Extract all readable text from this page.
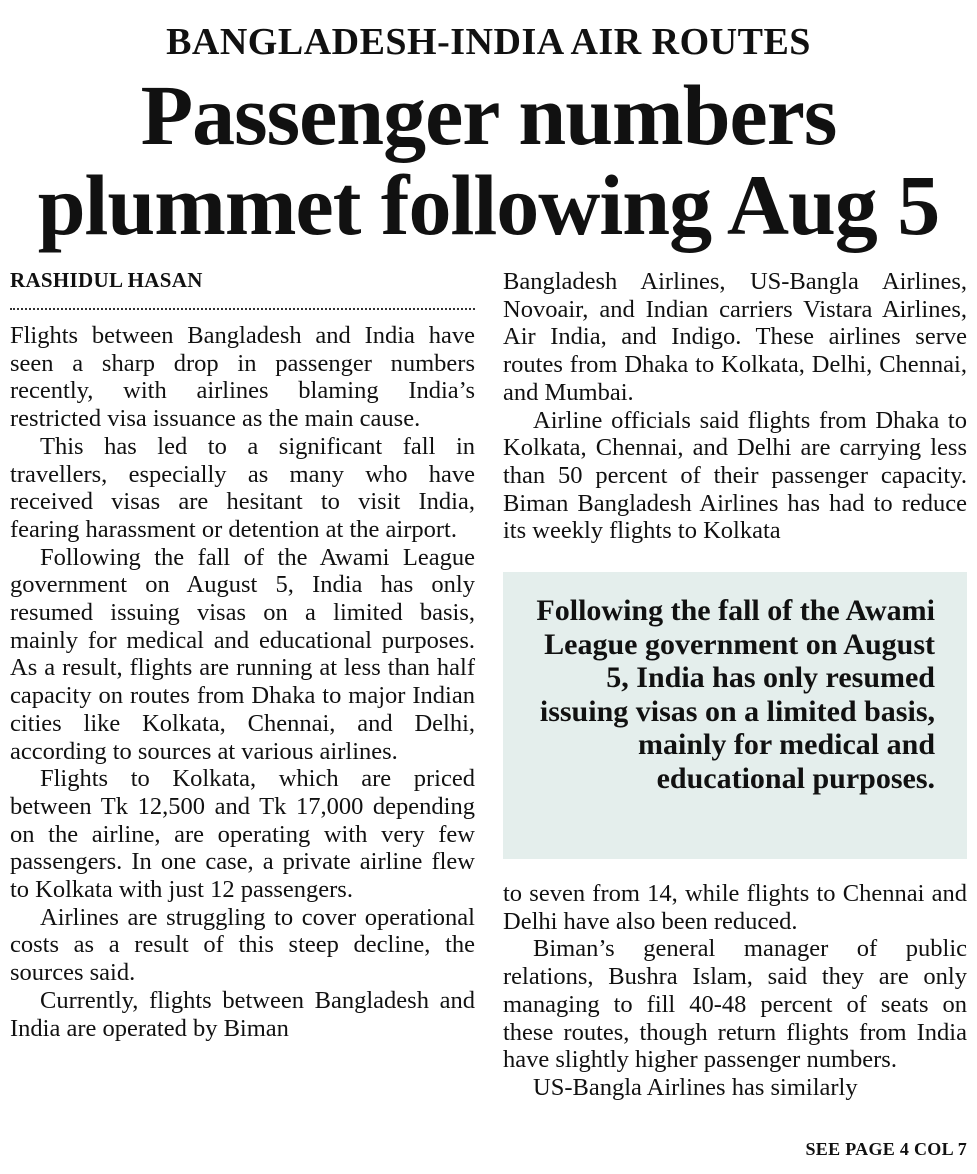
BANGLADESH-INDIA AIR ROUTES
Passenger numbers
plummet following Aug 5
RASHIDUL HASAN

Flights between Bangladesh and India have seen a sharp drop in passenger numbers recently, with airlines blaming India’s restricted visa issuance as the main cause.

This has led to a significant fall in travellers, especially as many who have received visas are hesitant to visit India, fearing harassment or detention at the airport.

Following the fall of the Awami League government on August 5, India has only resumed issuing visas on a limited basis, mainly for medical and educational purposes. As a result, flights are running at less than half capacity on routes from Dhaka to major Indian cities like Kolkata, Chennai, and Delhi, according to sources at various airlines.

Flights to Kolkata, which are priced between Tk 12,500 and Tk 17,000 depending on the airline, are operating with very few passengers. In one case, a private airline flew to Kolkata with just 12 passengers.

Airlines are struggling to cover operational costs as a result of this steep decline, the sources said.

Currently, flights between Bangladesh and India are operated by Biman

Bangladesh Airlines, US-Bangla Airlines, Novoair, and Indian carriers Vistara Airlines, Air India, and Indigo. These airlines serve routes from Dhaka to Kolkata, Delhi, Chennai, and Mumbai.

Airline officials said flights from Dhaka to Kolkata, Chennai, and Delhi are carrying less than 50 percent of their passenger capacity. Biman Bangladesh Airlines has had to reduce its weekly flights to Kolkata

Following the fall of the Awami League government on August 5, India has only resumed issuing visas on a limited basis, mainly for medical and educational purposes.

to seven from 14, while flights to Chennai and Delhi have also been reduced.

Biman’s general manager of public relations, Bushra Islam, said they are only managing to fill 40-48 percent of seats on these routes, though return flights from India have slightly higher passenger numbers.

US-Bangla Airlines has similarly

SEE PAGE 4 COL 7
